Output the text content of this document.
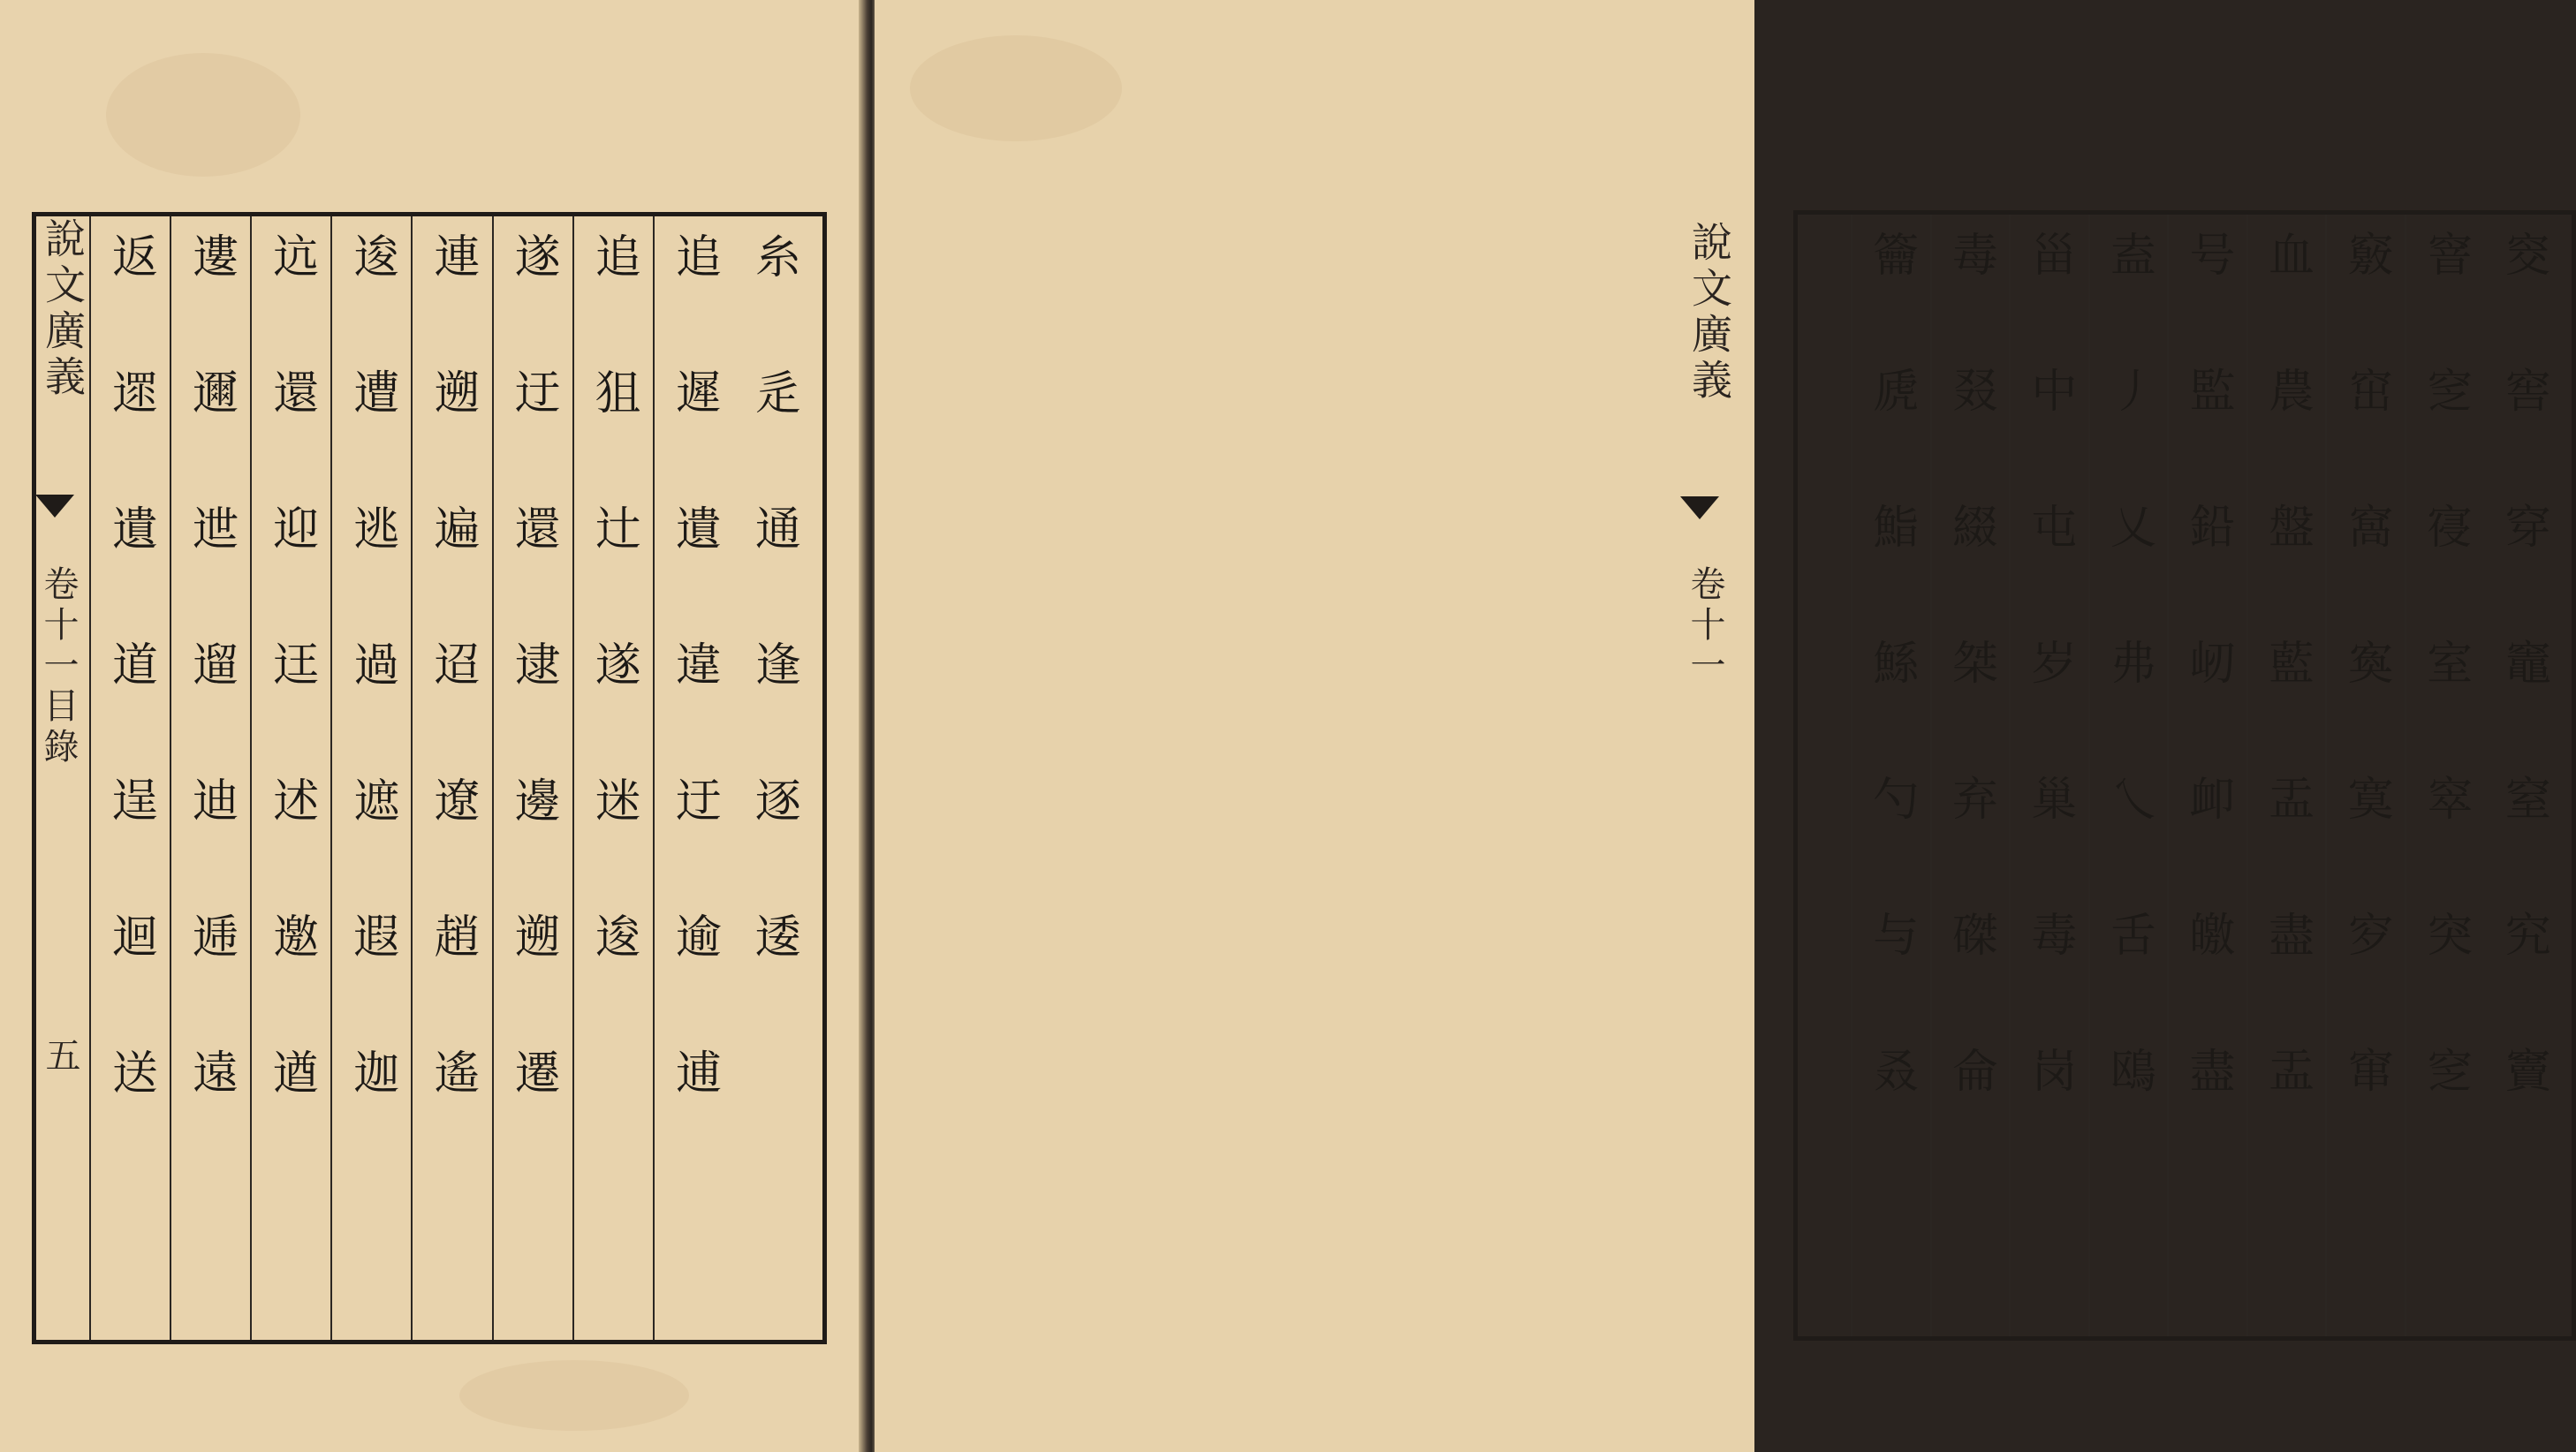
糸辵通逢逐逶
追遲遺違迂逾逋
追狙辻遂迷逡
遂迂還逮邊遡遷
連遡遍迢遼趙遙
逡遭逃過遮遐迦
迒還迎迋述邀遒
遱邇迣遛迪逓遠
返遝遺道逞迴送
說文廣義
卷十一目錄
五	窔窖穿竈窒究竇
窨窆寑室窣突窆
竅窋窩寏寞穸窜
血農盤藍盂盡盂
号監鉛屻卹皦盡
盍丿乂弗乀舌鴎
甾中屯岁巢毒岗
毒叕綴桀弃磔侖
籥虒鮨鯀勺与叒
說文廣義
卷十一
